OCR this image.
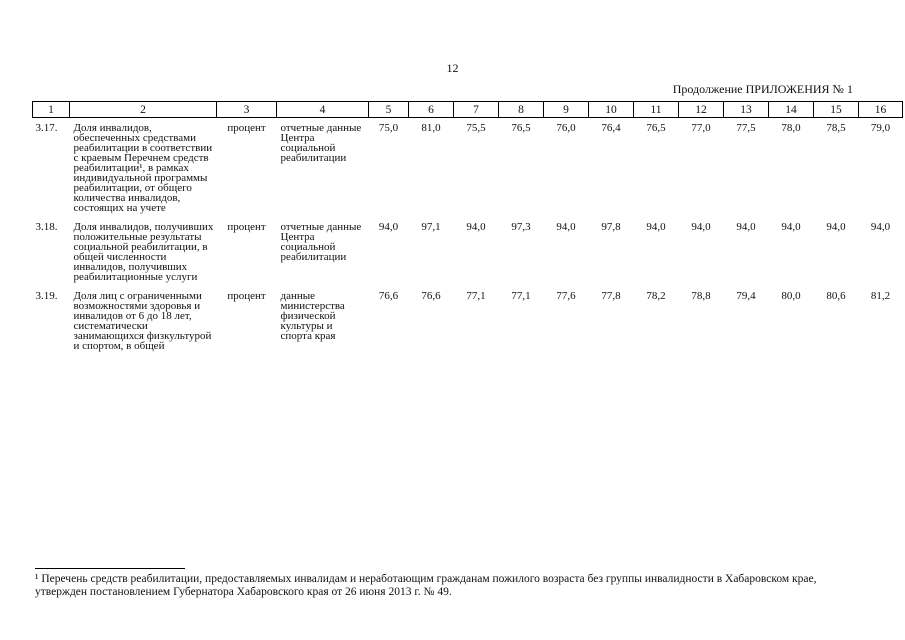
12
Продолжение ПРИЛОЖЕНИЯ № 1
1	2	3	4	5	6	7	8	9	10	11	12	13	14	15	16
3.17.	Доля инвалидов, обеспеченных средствами реабилитации в соответствии с краевым Перечнем средств реабилитации¹, в рамках индивидуальной программы реабилитации, от общего количества инвалидов, состоящих на учете	процент	отчетные данные Центра социальной реабилитации	75,0	81,0	75,5	76,5	76,0	76,4	76,5	77,0	77,5	78,0	78,5	79,0
3.18.	Доля инвалидов, получивших положительные результаты социальной реабилитации, в общей численности инвалидов, получивших реабилитационные услуги	процент	отчетные данные Центра социальной реабилитации	94,0	97,1	94,0	97,3	94,0	97,8	94,0	94,0	94,0	94,0	94,0	94,0
3.19.	Доля лиц с ограниченными возможностями здоровья и инвалидов от 6 до 18 лет, систематически занимающихся физкультурой и спортом, в общей	процент	данные министерства физической культуры и спорта края	76,6	76,6	77,1	77,1	77,6	77,8	78,2	78,8	79,4	80,0	80,6	81,2
¹ Перечень средств реабилитации, предоставляемых инвалидам и неработающим гражданам пожилого возраста без группы инвалидности в Хабаровском крае, утвержден постановлением Губернатора Хабаровского края от 26 июня 2013 г. № 49.
